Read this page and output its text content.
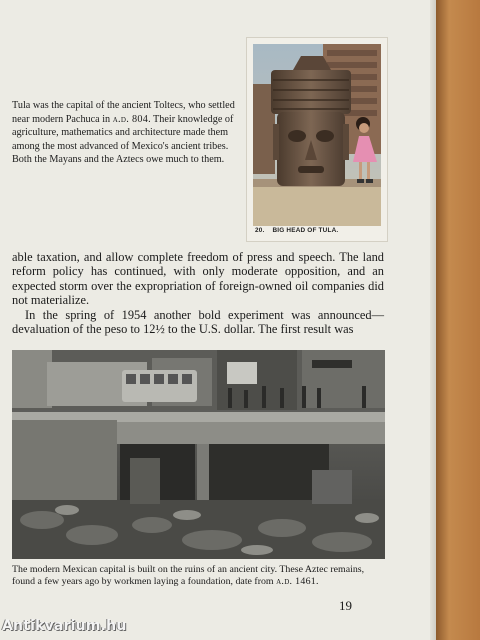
Tula was the capital of the ancient Toltecs, who settled near modern Pachuca in a.d. 804. Their knowledge of agriculture, mathematics and architecture made them among the most advanced of Mexico's ancient tribes. Both the Mayans and the Aztecs owe much to them.
20. BIG HEAD OF TULA.

able taxation, and allow complete freedom of press and speech. The land reform policy has continued, with only moderate opposition, and an expected storm over the expropriation of foreign-owned oil companies did not materialize.

In the spring of 1954 another bold experiment was announced—devaluation of the peso to 12½ to the U.S. dollar. The first result was

The modern Mexican capital is built on the ruins of an ancient city. These Aztec remains, found a few years ago by workmen laying a foundation, date from a.d. 1461.
19
Antikvarium.hu
